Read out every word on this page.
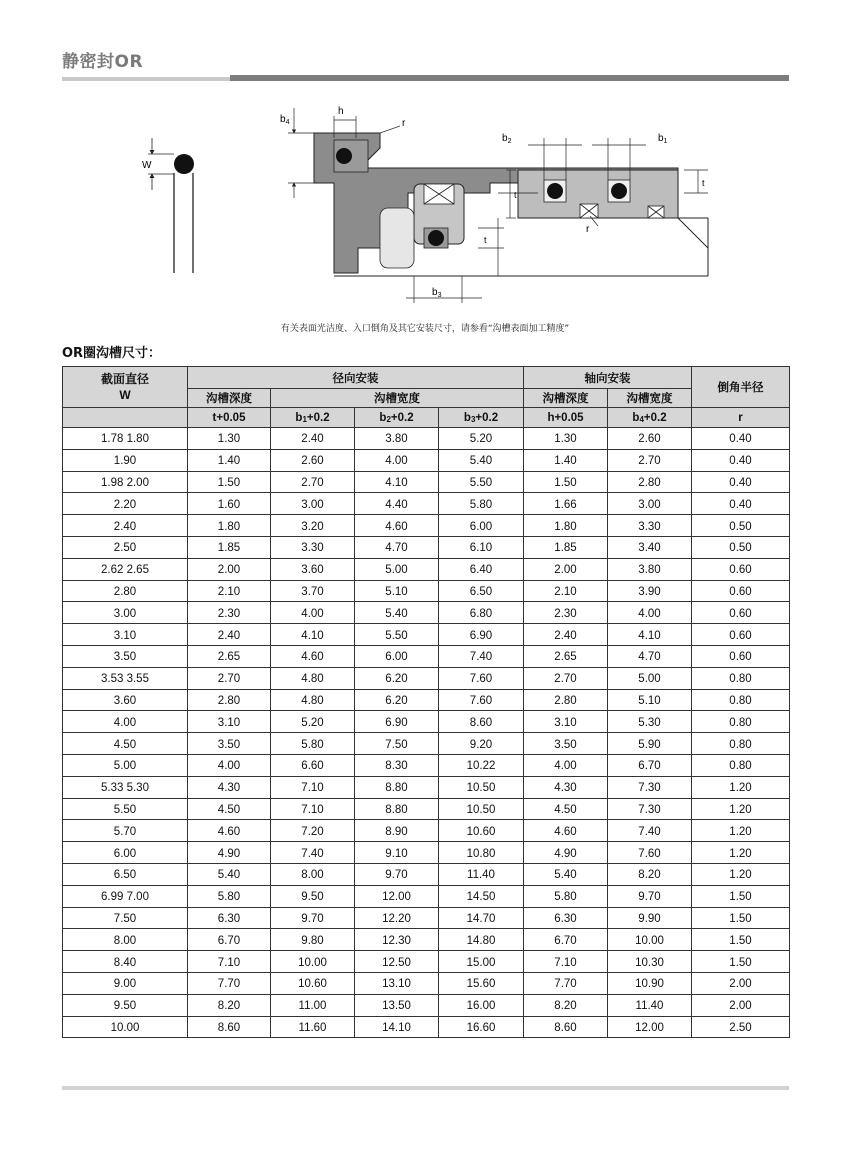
静密封OR
W
h
r
r
$b_4$
$b_2$	$b_1$
$b_3$
t
t
t
有关表面光洁度、入口倒角及其它安装尺寸，请参看“沟槽表面加工精度”
OR圈沟槽尺寸：
截面直径
W	径向安装				轴向安装		倒角半径
	沟槽深度	沟槽宽度			沟槽深度	沟槽宽度	
	t+0.05	$b_1+0.2$	$b_2+0.2$	$b_3+0.2$	h+0.05	$b_4+0.2$	r
1.78 1.80	1.30	2.40	3.80	5.20	1.30	2.60	0.40
1.90	1.40	2.60	4.00	5.40	1.40	2.70	0.40
1.98 2.00	1.50	2.70	4.10	5.50	1.50	2.80	0.40
2.20	1.60	3.00	4.40	5.80	1.66	3.00	0.40
2.40	1.80	3.20	4.60	6.00	1.80	3.30	0.50
2.50	1.85	3.30	4.70	6.10	1.85	3.40	0.50
2.62 2.65	2.00	3.60	5.00	6.40	2.00	3.80	0.60
2.80	2.10	3.70	5.10	6.50	2.10	3.90	0.60
3.00	2.30	4.00	5.40	6.80	2.30	4.00	0.60
3.10	2.40	4.10	5.50	6.90	2.40	4.10	0.60
3.50	2.65	4.60	6.00	7.40	2.65	4.70	0.60
3.53 3.55	2.70	4.80	6.20	7.60	2.70	5.00	0.80
3.60	2.80	4.80	6.20	7.60	2.80	5.10	0.80
4.00	3.10	5.20	6.90	8.60	3.10	5.30	0.80
4.50	3.50	5.80	7.50	9.20	3.50	5.90	0.80
5.00	4.00	6.60	8.30	10.22	4.00	6.70	0.80
5.33 5.30	4.30	7.10	8.80	10.50	4.30	7.30	1.20
5.50	4.50	7.10	8.80	10.50	4.50	7.30	1.20
5.70	4.60	7.20	8.90	10.60	4.60	7.40	1.20
6.00	4.90	7.40	9.10	10.80	4.90	7.60	1.20
6.50	5.40	8.00	9.70	11.40	5.40	8.20	1.20
6.99 7.00	5.80	9.50	12.00	14.50	5.80	9.70	1.50
7.50	6.30	9.70	12.20	14.70	6.30	9.90	1.50
8.00	6.70	9.80	12.30	14.80	6.70	10.00	1.50
8.40	7.10	10.00	12.50	15.00	7.10	10.30	1.50
9.00	7.70	10.60	13.10	15.60	7.70	10.90	2.00
9.50	8.20	11.00	13.50	16.00	8.20	11.40	2.00
10.00	8.60	11.60	14.10	16.60	8.60	12.00	2.50
